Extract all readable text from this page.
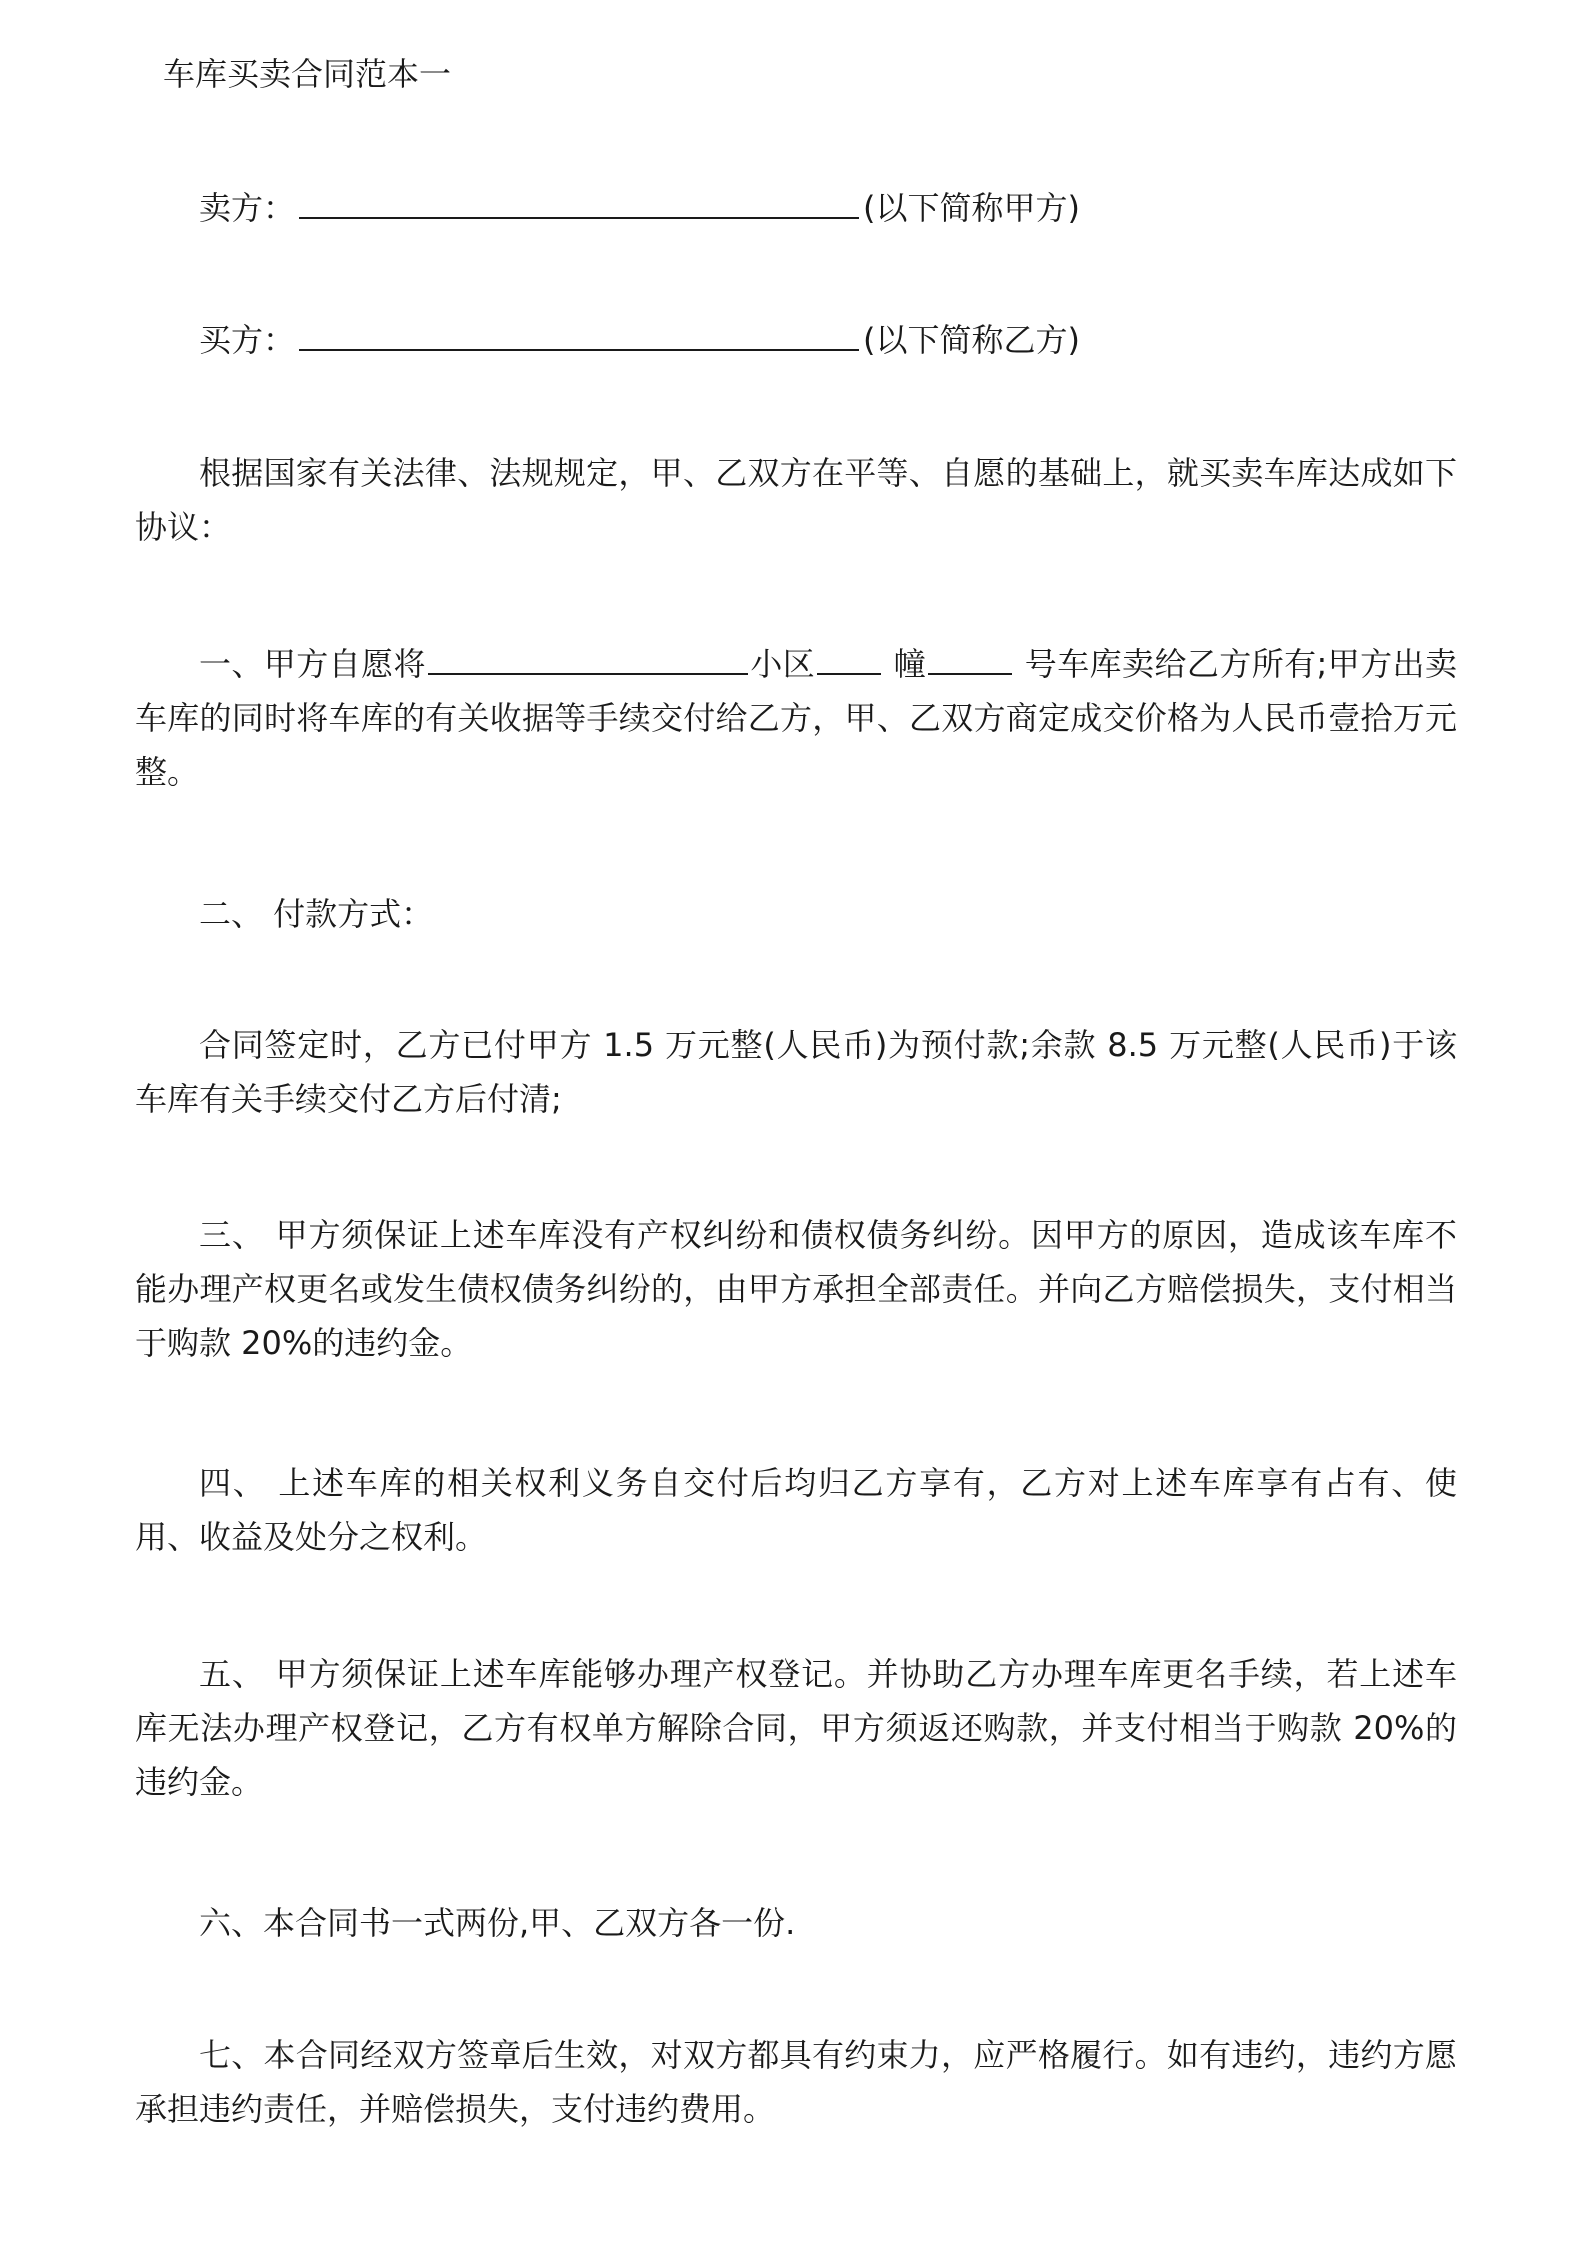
车库买卖合同范本一
卖方：	(以下简称甲方)
买方：	(以下简称乙方)

根据国家有关法律、法规规定，甲、乙双方在平等、自愿的基础上，就买卖车库达成如下协议：

一、甲方自愿将	小区 幢	号车库卖给乙方所有;甲方出卖车库的同时将车库的有关收据等手续交付给乙方，甲、乙双方商定成交价格为人民币壹拾万元整。

二、 付款方式：

合同签定时，乙方已付甲方 1.5 万元整(人民币)为预付款;余款 8.5 万元整(人民币)于该车库有关手续交付乙方后付清;

三、 甲方须保证上述车库没有产权纠纷和债权债务纠纷。因甲方的原因，造成该车库不能办理产权更名或发生债权债务纠纷的，由甲方承担全部责任。并向乙方赔偿损失，支付相当于购款 20%的违约金。

四、 上述车库的相关权利义务自交付后均归乙方享有，乙方对上述车库享有占有、使用、收益及处分之权利。

五、 甲方须保证上述车库能够办理产权登记。并协助乙方办理车库更名手续，若上述车库无法办理产权登记，乙方有权单方解除合同，甲方须返还购款，并支付相当于购款 20%的违约金。

六、本合同书一式两份,甲、乙双方各一份.

七、本合同经双方签章后生效，对双方都具有约束力，应严格履行。如有违约，违约方愿承担违约责任，并赔偿损失，支付违约费用。
